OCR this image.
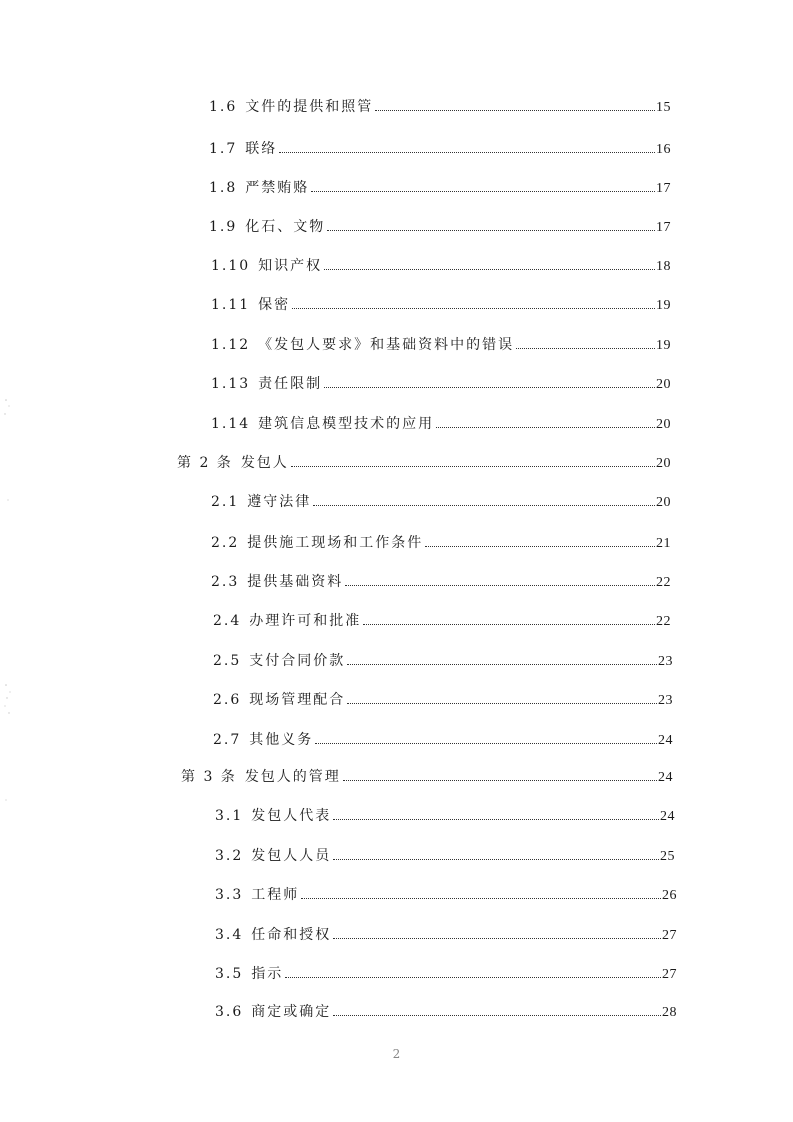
1.6 文件的提供和照管	15
1.7 联络	16
1.8 严禁贿赂	17
1.9 化石、文物	17
1.10 知识产权	18
1.11 保密	19
1.12 《发包人要求》和基础资料中的错误	19
1.13 责任限制	20
1.14 建筑信息模型技术的应用	20
第 2 条 发包人	20
2.1 遵守法律	20
2.2 提供施工现场和工作条件	21
2.3 提供基础资料	22
2.4 办理许可和批准	22
2.5 支付合同价款	23
2.6 现场管理配合	23
2.7 其他义务	24
第 3 条 发包人的管理	24
3.1 发包人代表	24
3.2 发包人人员	25
3.3 工程师	26
3.4 任命和授权	27
3.5 指示	27
3.6 商定或确定	28
2
